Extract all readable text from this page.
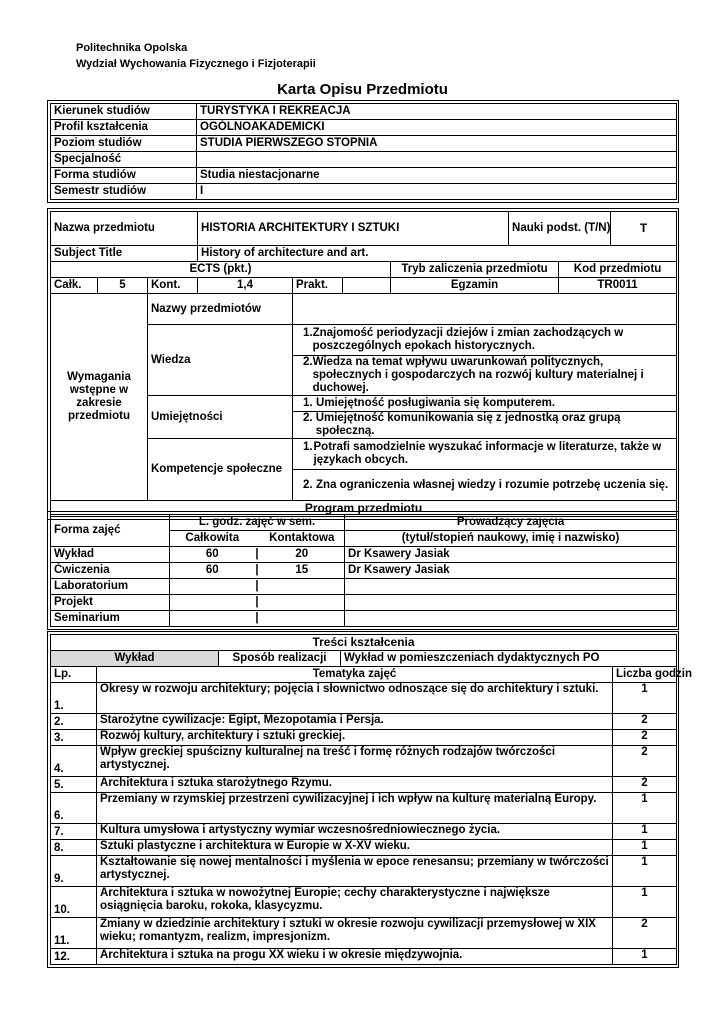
Politechnika Opolska
Wydział Wychowania Fizycznego i Fizjoterapii
Karta Opisu Przedmiotu
Kierunek studiów	TURYSTYKA I REKREACJA
Profil kształcenia	OGÓLNOAKADEMICKI
Poziom studiów	STUDIA PIERWSZEGO STOPNIA
Specjalność	
Forma studiów	Studia niestacjonarne
Semestr studiów	I
Nazwa przedmiotu			HISTORIA ARCHITEKTURY I SZTUKI				Nauki podst. (T/N)		T
Subject Title			History of architecture and art.						
ECTS (pkt.)						Tryb zaliczenia przedmiotu		Kod przedmiotu	
Całk.	5	Kont.	1,4	Prakt.		Egzamin		TR0011	
Wymagania wstępne w zakresie przedmiotu		Nazwy przedmiotów							
		Wiedza		1. Znajomość periodyzacji dziejów i zmian zachodzących w poszczególnych epokach historycznych.					

				2. Wiedza na temat wpływu uwarunkowań politycznych, społecznych i gospodarczych na rozwój kultury materialnej i duchowej.					

		Umiejętności		1. Umiejętność posługiwania się komputerem.					

				2. Umiejętność komunikowania się z jednostką oraz grupą społeczną.					

		Kompetencje społeczne		1. Potrafi samodzielnie wyszukać informacje w literaturze, także w językach obcych.					

				2. Zna ograniczenia własnej wiedzy i rozumie potrzebę uczenia się.					

Program przedmiotu									
Forma zajęć	L. godz. zajęć w sem.			Prowadzący zajęcia
	Całkowita		Kontaktowa	(tytuł/stopień naukowy, imię i nazwisko)
Wykład	60	|	20	Dr Ksawery Jasiak
Ćwiczenia	60	|	15	Dr Ksawery Jasiak
Laboratorium		|		
Projekt		|		
Seminarium		|		
Treści kształcenia				
Wykład		Sposób realizacji	Wykład w pomieszczeniach dydaktycznych PO	
Lp.	Tematyka zajęć			Liczba godzin
1.	Okresy w rozwoju architektury; pojęcia i słownictwo odnoszące się do architektury i sztuki.			1
2.	Starożytne cywilizacje: Egipt, Mezopotamia i Persja.			2
3.	Rozwój kultury, architektury i sztuki greckiej.			2
4.	Wpływ greckiej spuścizny kulturalnej na treść i formę różnych rodzajów twórczości artystycznej.			2
5.	Architektura i sztuka starożytnego Rzymu.			2
6.	Przemiany w rzymskiej przestrzeni cywilizacyjnej i ich wpływ na kulturę materialną Europy.			1
7.	Kultura umysłowa i artystyczny wymiar wczesnośredniowiecznego życia.			1
8.	Sztuki plastyczne i architektura w Europie w X-XV wieku.			1
9.	Kształtowanie się nowej mentalności i myślenia w epoce renesansu; przemiany w twórczości artystycznej.			1
10.	Architektura i sztuka w nowożytnej Europie; cechy charakterystyczne i największe osiągnięcia baroku, rokoka, klasycyzmu.			1
11.	Zmiany w dziedzinie architektury i sztuki w okresie rozwoju cywilizacji przemysłowej w XIX wieku; romantyzm, realizm, impresjonizm.			2
12.	Architektura i sztuka na progu XX wieku i w okresie międzywojnia.			1
